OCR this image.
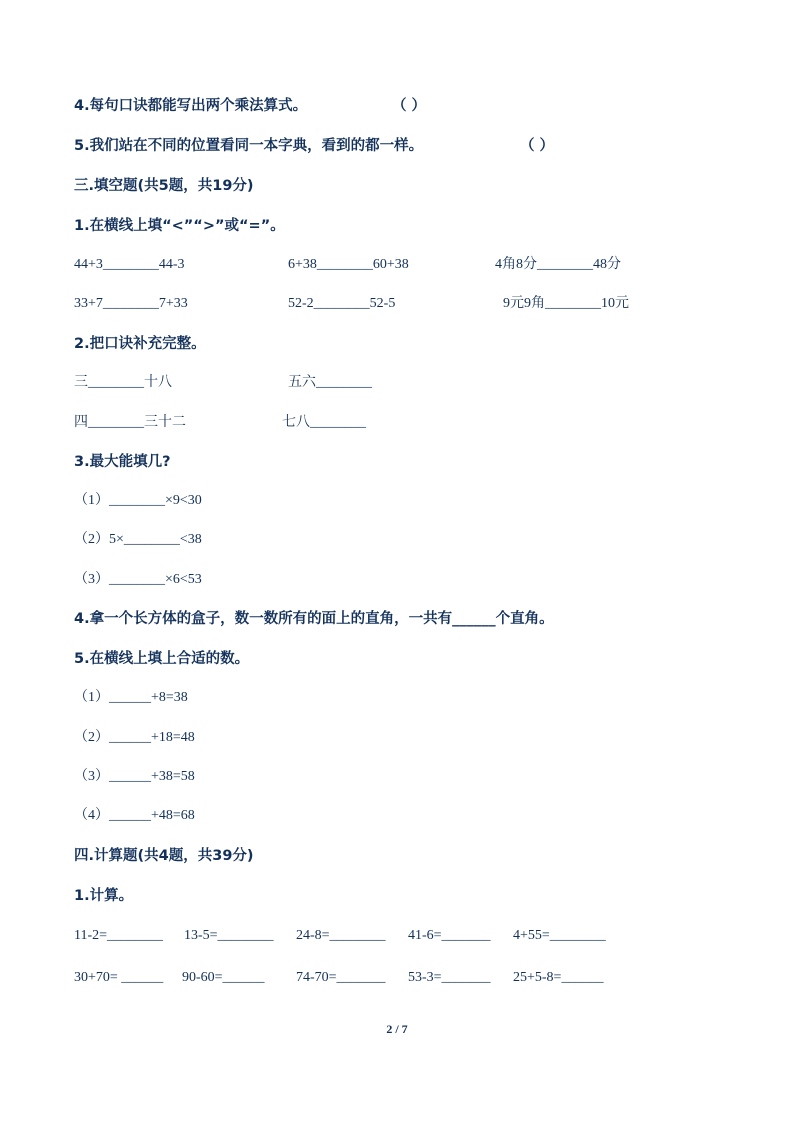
4.每句口诀都能写出两个乘法算式。	（ ）
5.我们站在不同的位置看同一本字典，看到的都一样。	（ ）
三.填空题(共5题，共19分)
1.在横线上填“<”“>”或“=”。
44+3________44-3	6+38________60+38	4角8分________48分
33+7________7+33	52-2________52-5	9元9角________10元
2.把口诀补充完整。
三________十八	五六________
四________三十二	七八________
3.最大能填几?
（1）________×9<30
（2）5×________<38
（3）________×6<53
4.拿一个长方体的盒子，数一数所有的面上的直角，一共有______个直角。
5.在横线上填上合适的数。
（1）______+8=38
（2）______+18=48
（3）______+38=58
（4）______+48=68
四.计算题(共4题，共39分)
1.计算。
11-2=________ 13-5=________ 24-8=________ 41-6=_______ 4+55=________
30+70= ______ 90-60=______ 74-70=_______ 53-3=_______ 25+5-8=______
2 / 7
